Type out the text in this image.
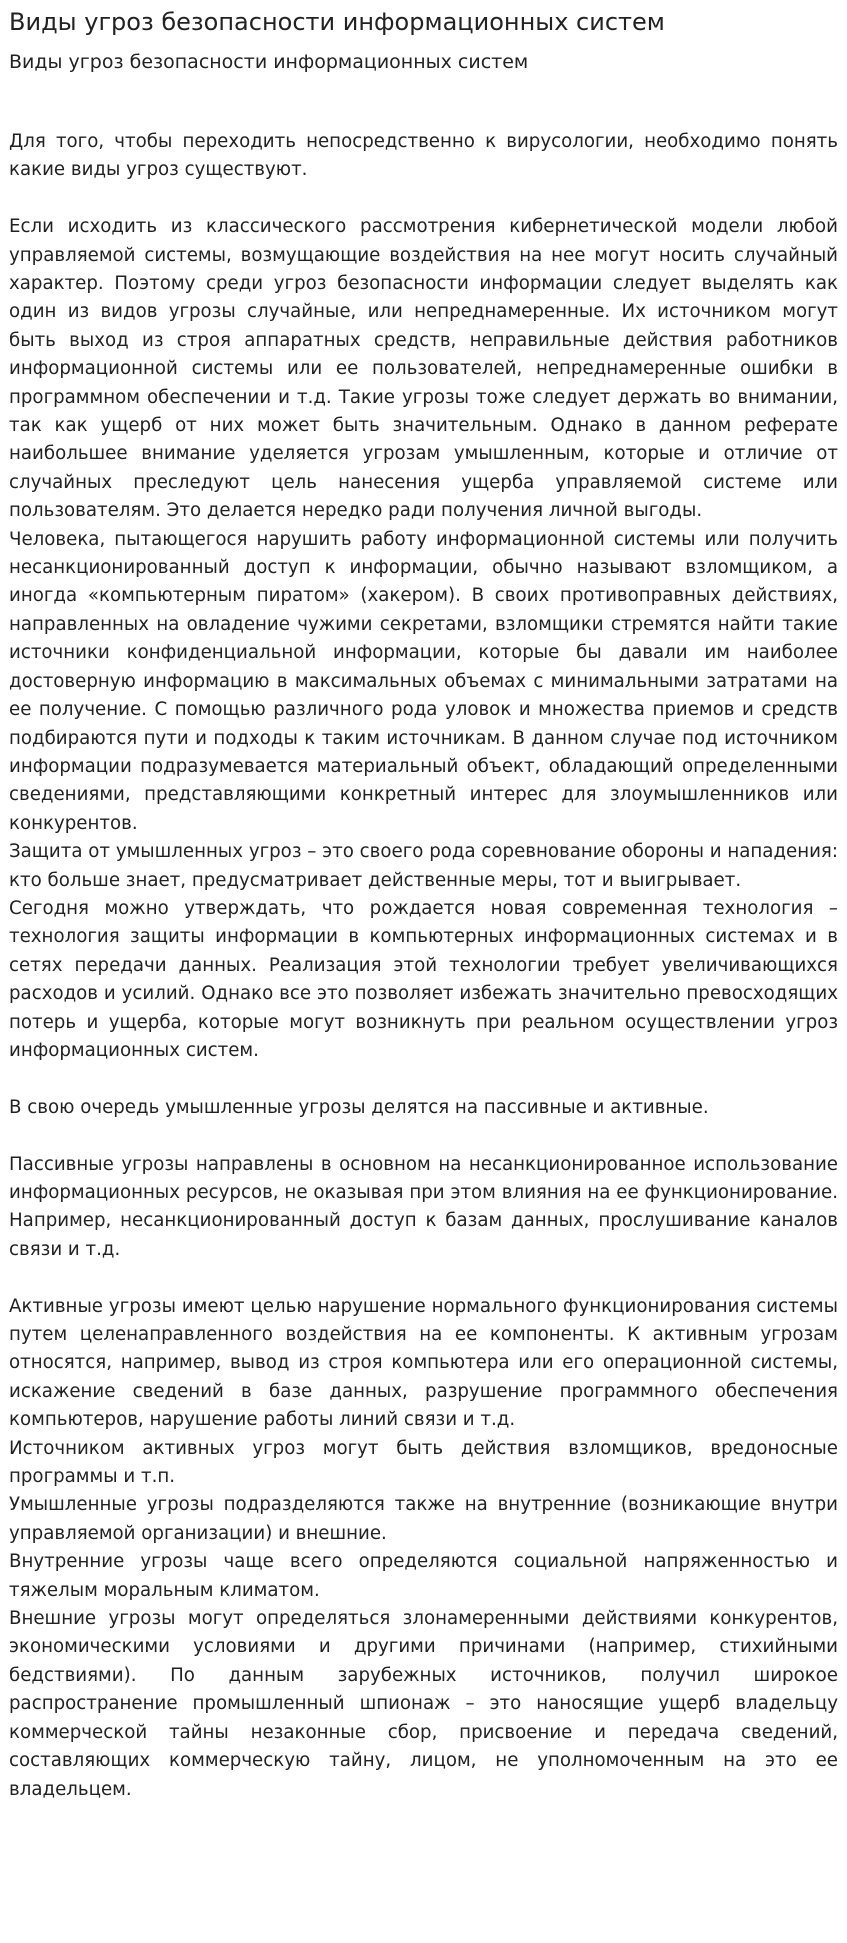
Виды угроз безопасности информационных систем
Виды угроз безопасности информационных систем

Для того, чтобы переходить непосредственно к вирусологии, необходимо понять какие виды угроз существуют.

Если исходить из классического рассмотрения кибернетической модели любой управляемой системы, возмущающие воздействия на нее могут носить случайный характер. Поэтому среди угроз безопасности информации следует выделять как один из видов угрозы случайные, или непреднамеренные. Их источником могут быть выход из строя аппаратных средств, неправильные действия работников информационной системы или ее пользователей, непреднамеренные ошибки в программном обеспечении и т.д. Такие угрозы тоже следует держать во внимании, так как ущерб от них может быть значительным. Однако в данном реферате наибольшее внимание уделяется угрозам умышленным, которые и отличие от случайных преследуют цель нанесения ущерба управляемой системе или пользователям. Это делается нередко ради получения личной выгоды.

Человека, пытающегося нарушить работу информационной системы или получить несанкционированный доступ к информации, обычно называют взломщиком, а иногда «компьютерным пиратом» (хакером). В своих противоправных действиях, направленных на овладение чужими секретами, взломщики стремятся найти такие источники конфиденциальной информации, которые бы давали им наиболее достоверную информацию в максимальных объемах с минимальными затратами на ее получение. С помощью различного рода уловок и множества приемов и средств подбираются пути и подходы к таким источникам. В данном случае под источником информации подразумевается материальный объект, обладающий определенными сведениями, представляющими конкретный интерес для злоумышленников или конкурентов.

Защита от умышленных угроз – это своего рода соревнование обороны и нападения: кто больше знает, предусматривает действенные меры, тот и выигрывает.

Сегодня можно утверждать, что рождается новая современная технология – технология защиты информации в компьютерных информационных системах и в сетях передачи данных. Реализация этой технологии требует увеличивающихся расходов и усилий. Однако все это позволяет избежать значительно превосходящих потерь и ущерба, которые могут возникнуть при реальном осуществлении угроз информационных систем.

В свою очередь умышленные угрозы делятся на пассивные и активные.

Пассивные угрозы направлены в основном на несанкционированное использование информационных ресурсов, не оказывая при этом влияния на ее функционирование. Например, несанкционированный доступ к базам данных, прослушивание каналов связи и т.д.

Активные угрозы имеют целью нарушение нормального функционирования системы путем целенаправленного воздействия на ее компоненты. К активным угрозам относятся, например, вывод из строя компьютера или его операционной системы, искажение сведений в базе данных, разрушение программного обеспечения компьютеров, нарушение работы линий связи и т.д.

Источником активных угроз могут быть действия взломщиков, вредоносные программы и т.п.

Умышленные угрозы подразделяются также на внутренние (возникающие внутри управляемой организации) и внешние.

Внутренние угрозы чаще всего определяются социальной напряженностью и тяжелым моральным климатом.

Внешние угрозы могут определяться злонамеренными действиями конкурентов, экономическими условиями и другими причинами (например, стихийными бедствиями). По данным зарубежных источников, получил широкое распространение промышленный шпионаж – это наносящие ущерб владельцу коммерческой тайны незаконные сбор, присвоение и передача сведений, составляющих коммерческую тайну, лицом, не уполномоченным на это ее владельцем.
